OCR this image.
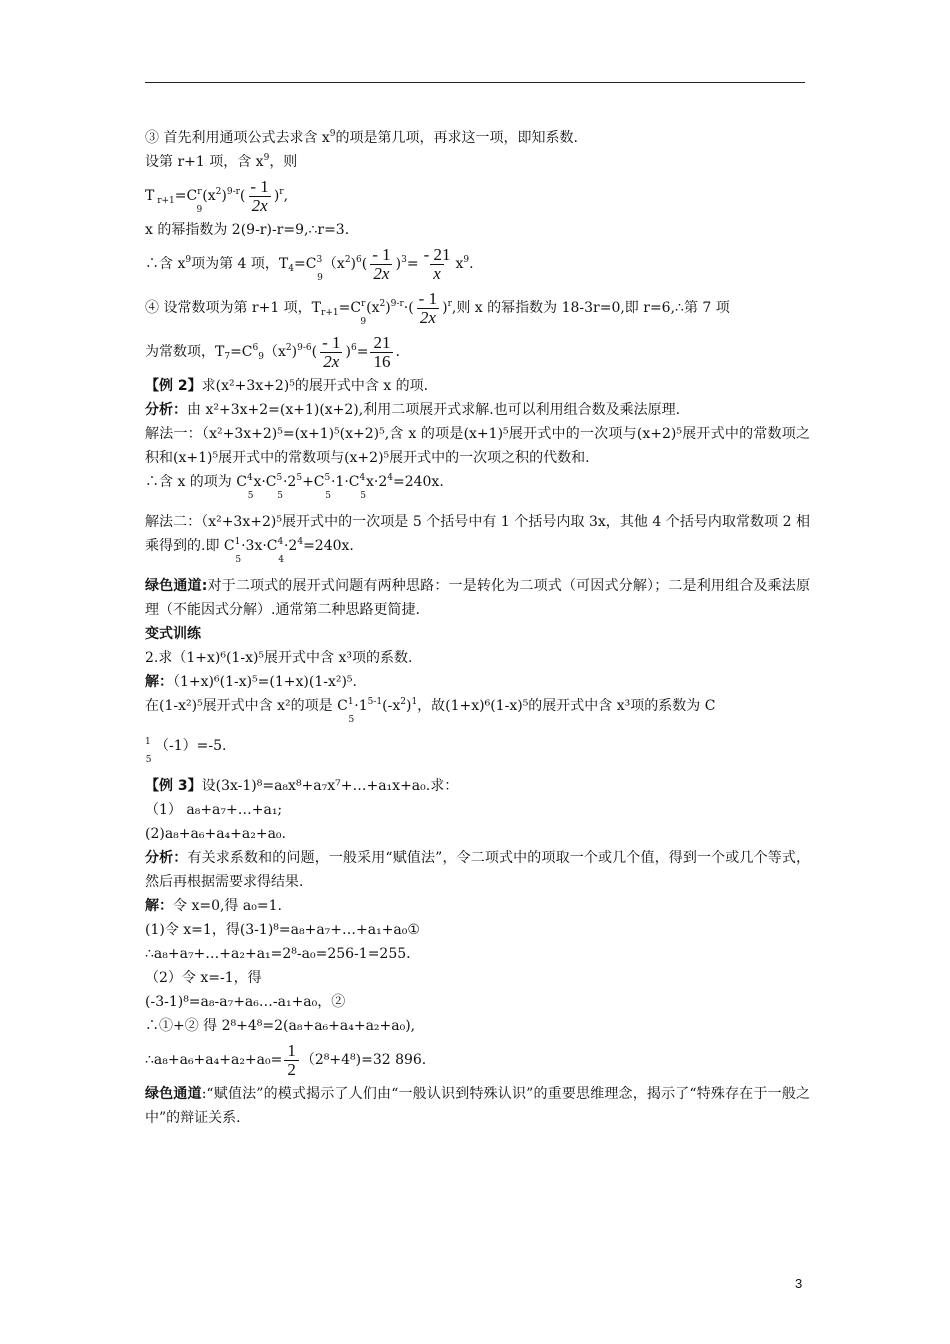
③ 首先利用通项公式去求含 $x^9$的项是第几项，再求这一项，即知系数.
设第 r+1 项，含 $x^9$，则
T $_{r+1}=C^r_9(x^2)^{9-r}( \frac{- 1}{2x} )^r$,
x 的幂指数为 2(9-r)-r=9,∴r=3.
∴含 $x^9$项为第 4 项，$T_4=C^3_9(x^2)^6( \frac{- 1}{2x} )^3= \frac{- 21}{x} x^9$.
④ 设常数项为第 r+1 项，$T_{r+1}=C^r_9(x^2)^{9-r}\cdot( \frac{- 1}{2x} )^r$,则 x 的幂指数为 18-3r=0,即 r=6,∴第 7 项
为常数项，$T_7=C^6_9(x^2)^{9-6}( \frac{- 1}{2x} )^6= \frac{21}{16}$ .
【例 2】求(x²+3x+2)⁵的展开式中含 x 的项.
分析：由 x²+3x+2=(x+1)(x+2),利用二项展开式求解.也可以利用组合数及乘法原理.
解法一：（x²+3x+2)⁵=(x+1)⁵(x+2)⁵,含 x 的项是(x+1)⁵展开式中的一次项与(x+2)⁵展开式中的常数项之积和(x+1)⁵展开式中的常数项与(x+2)⁵展开式中的一次项之积的代数和.
∴含 x 的项为 $C^4_5x\cdot C^5_5\cdot 2^5+C^5_5\cdot 1\cdot C^4_5x\cdot 2^4=240x$.
解法二：（x²+3x+2)⁵展开式中的一次项是 5 个括号中有 1 个括号内取 3x，其他 4 个括号内取常数项 2 相乘得到的.即 $C^1_5\cdot 3x\cdot C^4_4\cdot 2^4=240x$.
绿色通道:对于二项式的展开式问题有两种思路：一是转化为二项式（可因式分解）；二是利用组合及乘法原理（不能因式分解）.通常第二种思路更简捷.
变式训练
2.求（1+x)⁶(1-x)⁵展开式中含 x³项的系数.
解：（1+x)⁶(1-x)⁵=(1+x)(1-x²)⁵.
在(1-x²)⁵展开式中含 x²的项是 $C^1_5\cdot 1^{5-1}(-x^2)^1$，故(1+x)⁶(1-x)⁵的展开式中含 x³项的系数为 C
$^1_5$（-1）=-5.
【例 3】设(3x-1)⁸=a₈x⁸+a₇x⁷+…+a₁x+a₀.求：
（1） a₈+a₇+…+a₁;
(2)a₈+a₆+a₄+a₂+a₀.
分析：有关求系数和的问题，一般采用“赋值法”，令二项式中的项取一个或几个值，得到一个或几个等式，然后再根据需要求得结果.
解：令 x=0,得 a₀=1.
(1)令 x=1，得(3-1)⁸=a₈+a₇+…+a₁+a₀①
∴a₈+a₇+…+a₂+a₁=2⁸-a₀=256-1=255.
（2）令 x=-1，得
(-3-1)⁸=a₈-a₇+a₆…-a₁+a₀，②
∴①+② 得 2⁸+4⁸=2(a₈+a₆+a₄+a₂+a₀),
∴a₈+a₆+a₄+a₂+a₀= $\frac{1}{2} (2^8+4^8)=32$ 896.
绿色通道:“赋值法”的模式揭示了人们由“一般认识到特殊认识”的重要思维理念，揭示了“特殊存在于一般之中”的辩证关系.
3
